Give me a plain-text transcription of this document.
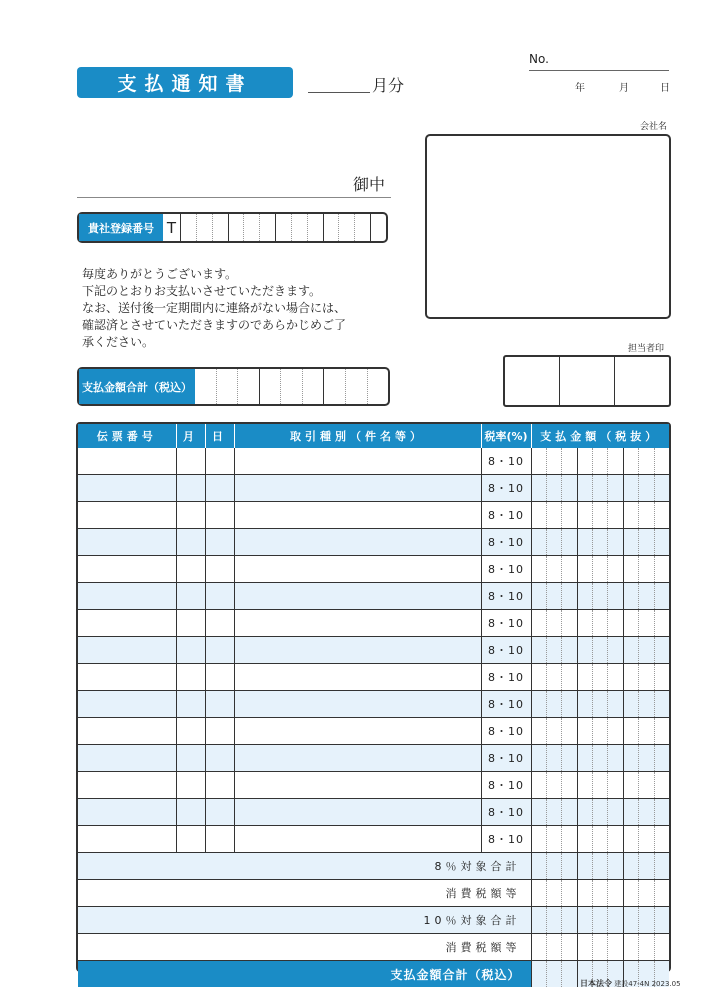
支払通知書	月分
No.
年	月	日
会社名
御中
貴社登録番号 T
毎度ありがとうございます。
下記のとおりお支払いさせていただきます。
なお、送付後一定期間内に連絡がない場合には、
確認済とさせていただきますのであらかじめご了
承ください。	担当者印
支払金額合計（税込）
伝票番号	月	日	取引種別（件名等）	税率(%)	支払金額（税抜）
				8・10	

				8・10	

				8・10	

				8・10	

				8・10	

				8・10	

				8・10	

				8・10	

				8・10	

				8・10	

				8・10	

				8・10	

				8・10	

				8・10	

				8・10	

8％対象合計					

消費税額等					

10％対象合計					

消費税額等					

支払金額合計（税込）					
日本法令 建設47-4N 2023.05
